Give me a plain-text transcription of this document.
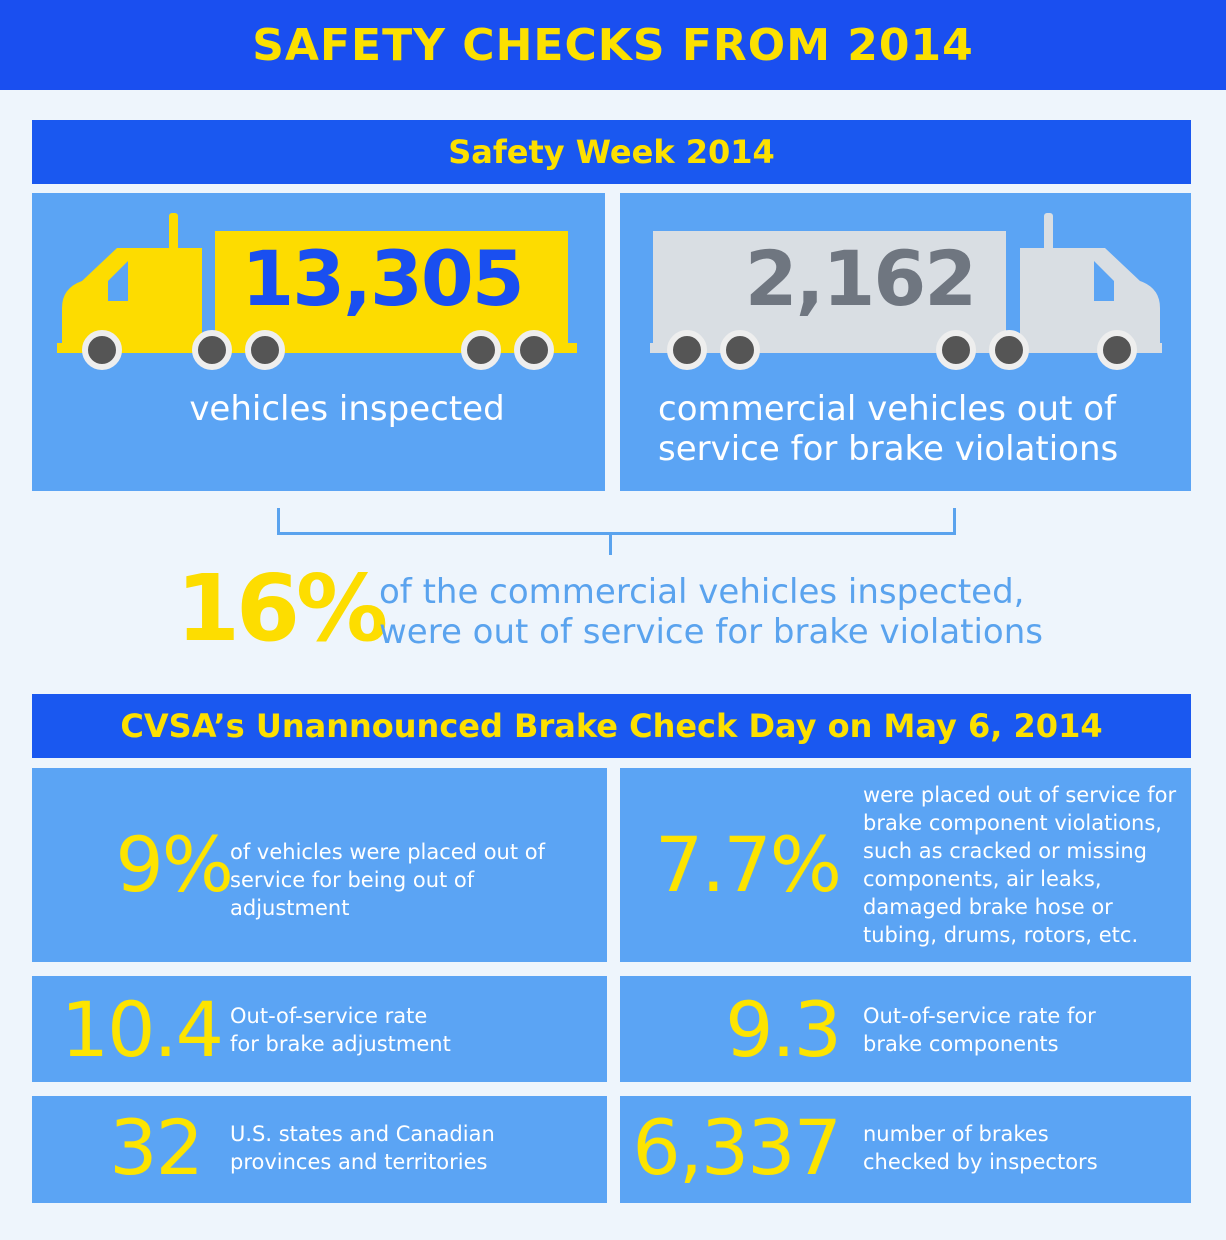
SAFETY CHECKS FROM 2014
Safety Week 2014
13,305
vehicles inspected
2,162
commercial vehicles out of
service for brake violations
16%
of the commercial vehicles inspected,
were out of service for brake violations
CVSA’s Unannounced Brake Check Day on May 6, 2014
9%
of vehicles were placed out of
service for being out of adjustment	7.7%
were placed out of service for
brake component violations,
such as cracked or missing
components, air leaks,
damaged brake hose or
tubing, drums, rotors, etc.
10.4 Out-of-service rate
for brake adjustment	9.3 Out-of-service rate for
brake components
32 U.S. states and Canadian
provinces and territories	6,337 number of brakes
checked by inspectors
